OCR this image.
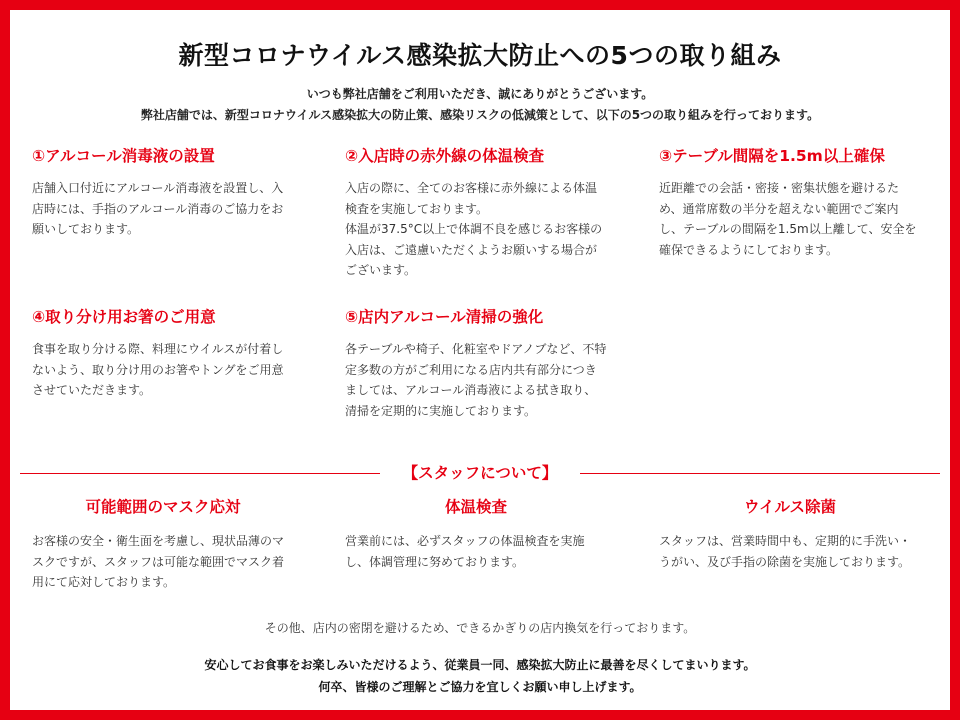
新型コロナウイルス感染拡大防止への5つの取り組み
いつも弊社店舗をご利用いただき、誠にありがとうございます。
弊社店舗では、新型コロナウイルス感染拡大の防止策、感染リスクの低減策として、以下の5つの取り組みを行っております。
①アルコール消毒液の設置

店舗入口付近にアルコール消毒液を設置し、入店時には、手指のアルコール消毒のご協力をお願いしております。

②入店時の赤外線の体温検査

入店の際に、全てのお客様に赤外線による体温検査を実施しております。
体温が37.5°C以上で体調不良を感じるお客様の入店は、ご遠慮いただくようお願いする場合がございます。

③テーブル間隔を1.5m以上確保

近距離での会話・密接・密集状態を避けるため、通常席数の半分を超えない範囲でご案内し、テーブルの間隔を1.5m以上離して、安全を確保できるようにしております。

④取り分け用お箸のご用意

食事を取り分ける際、料理にウイルスが付着しないよう、取り分け用のお箸やトングをご用意させていただきます。

⑤店内アルコール清掃の強化

各テーブルや椅子、化粧室やドアノブなど、不特定多数の方がご利用になる店内共有部分につきましては、アルコール消毒液による拭き取り、清掃を定期的に実施しております。

【スタッフについて】
可能範囲のマスク応対

お客様の安全・衛生面を考慮し、現状品薄のマスクですが、スタッフは可能な範囲でマスク着用にて応対しております。

体温検査

営業前には、必ずスタッフの体温検査を実施し、体調管理に努めております。

ウイルス除菌

スタッフは、営業時間中も、定期的に手洗い・うがい、及び手指の除菌を実施しております。

その他、店内の密閉を避けるため、できるかぎりの店内換気を行っております。
安心してお食事をお楽しみいただけるよう、従業員一同、感染拡大防止に最善を尽くしてまいります。
何卒、皆様のご理解とご協力を宜しくお願い申し上げます。
